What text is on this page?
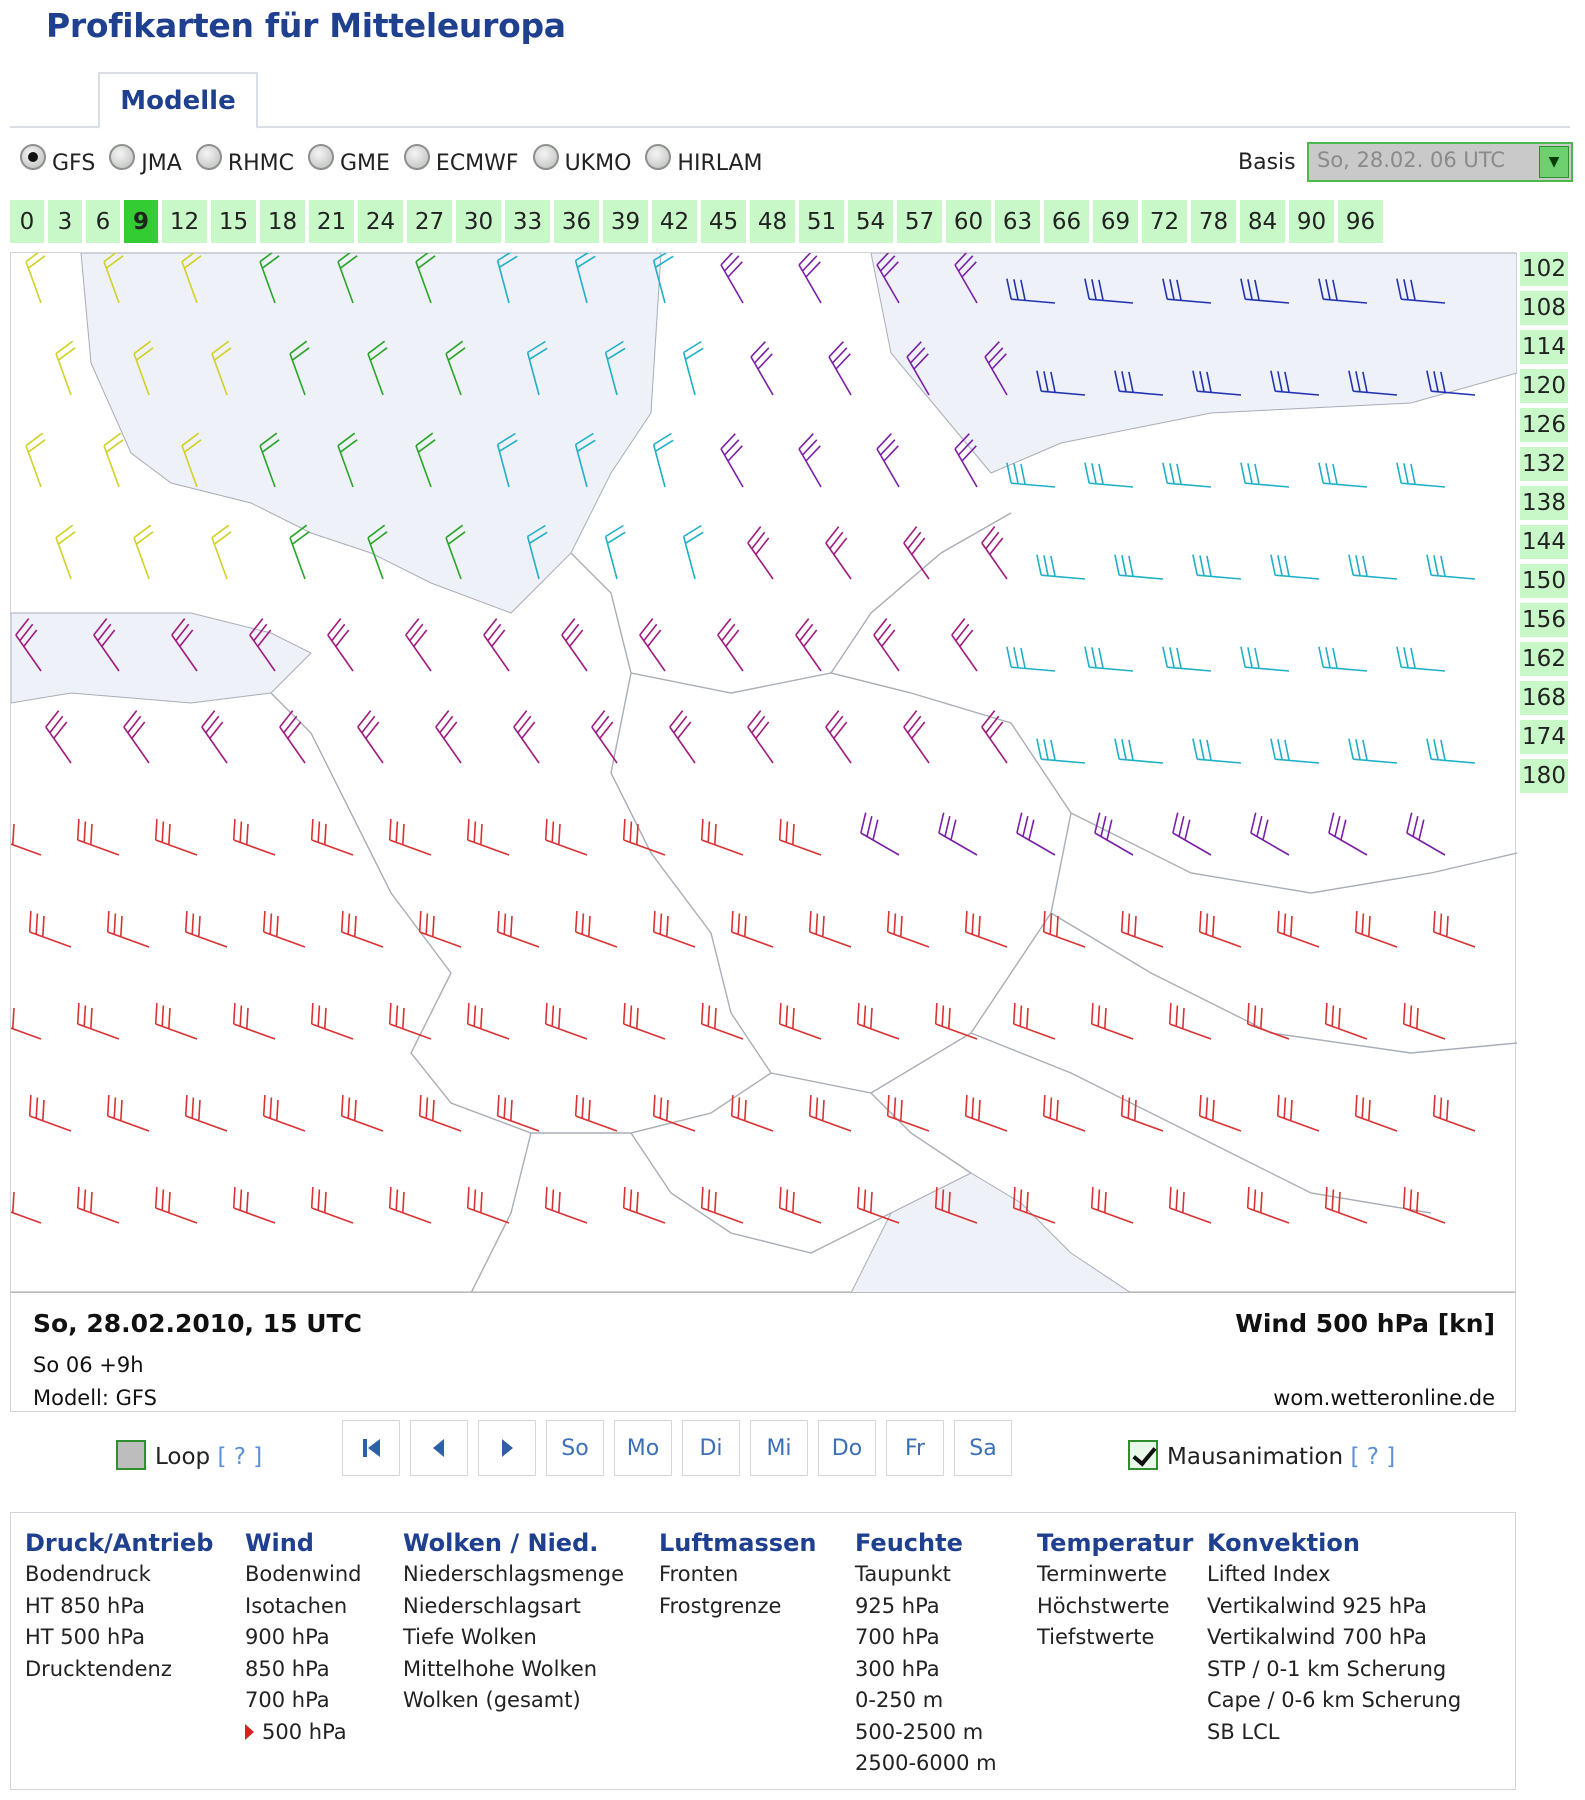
Profikarten für Mitteleuropa
Modelle
GFS JMA RHMC GME ECMWF UKMO HIRLAM	Basis	So, 28.02. 06 UTC	▼
0	3	6 9 12 15 18 21 24 27 30 33 36 39 42 45 48 51 54 57 60 63 66 69 72 78 84 90 96
102
108
114
120
126
132
138
144
150
156
162
168
174
180
So, 28.02.2010, 15 UTC
So 06 +9h
Modell: GFS
Wind 500 hPa [kn]
wom.wetteronline.de
Loop [ ? ]	So	Mo	Di	Mi	Do	Fr	Sa	Mausanimation [ ? ]
Druck/Antrieb
Bodendruck
HT 850 hPa
HT 500 hPa
Drucktendenz
Wind
Bodenwind
Isotachen
900 hPa
850 hPa
700 hPa
500 hPa
Wolken / Nied.
Niederschlagsmenge
Niederschlagsart
Tiefe Wolken
Mittelhohe Wolken
Wolken (gesamt)
Luftmassen
Fronten
Frostgrenze
Feuchte
Taupunkt
925 hPa
700 hPa
300 hPa
0-250 m
500-2500 m
2500-6000 m
Temperatur
Terminwerte
Höchstwerte
Tiefstwerte
Konvektion
Lifted Index
Vertikalwind 925 hPa
Vertikalwind 700 hPa
STP / 0-1 km Scherung
Cape / 0-6 km Scherung
SB LCL
